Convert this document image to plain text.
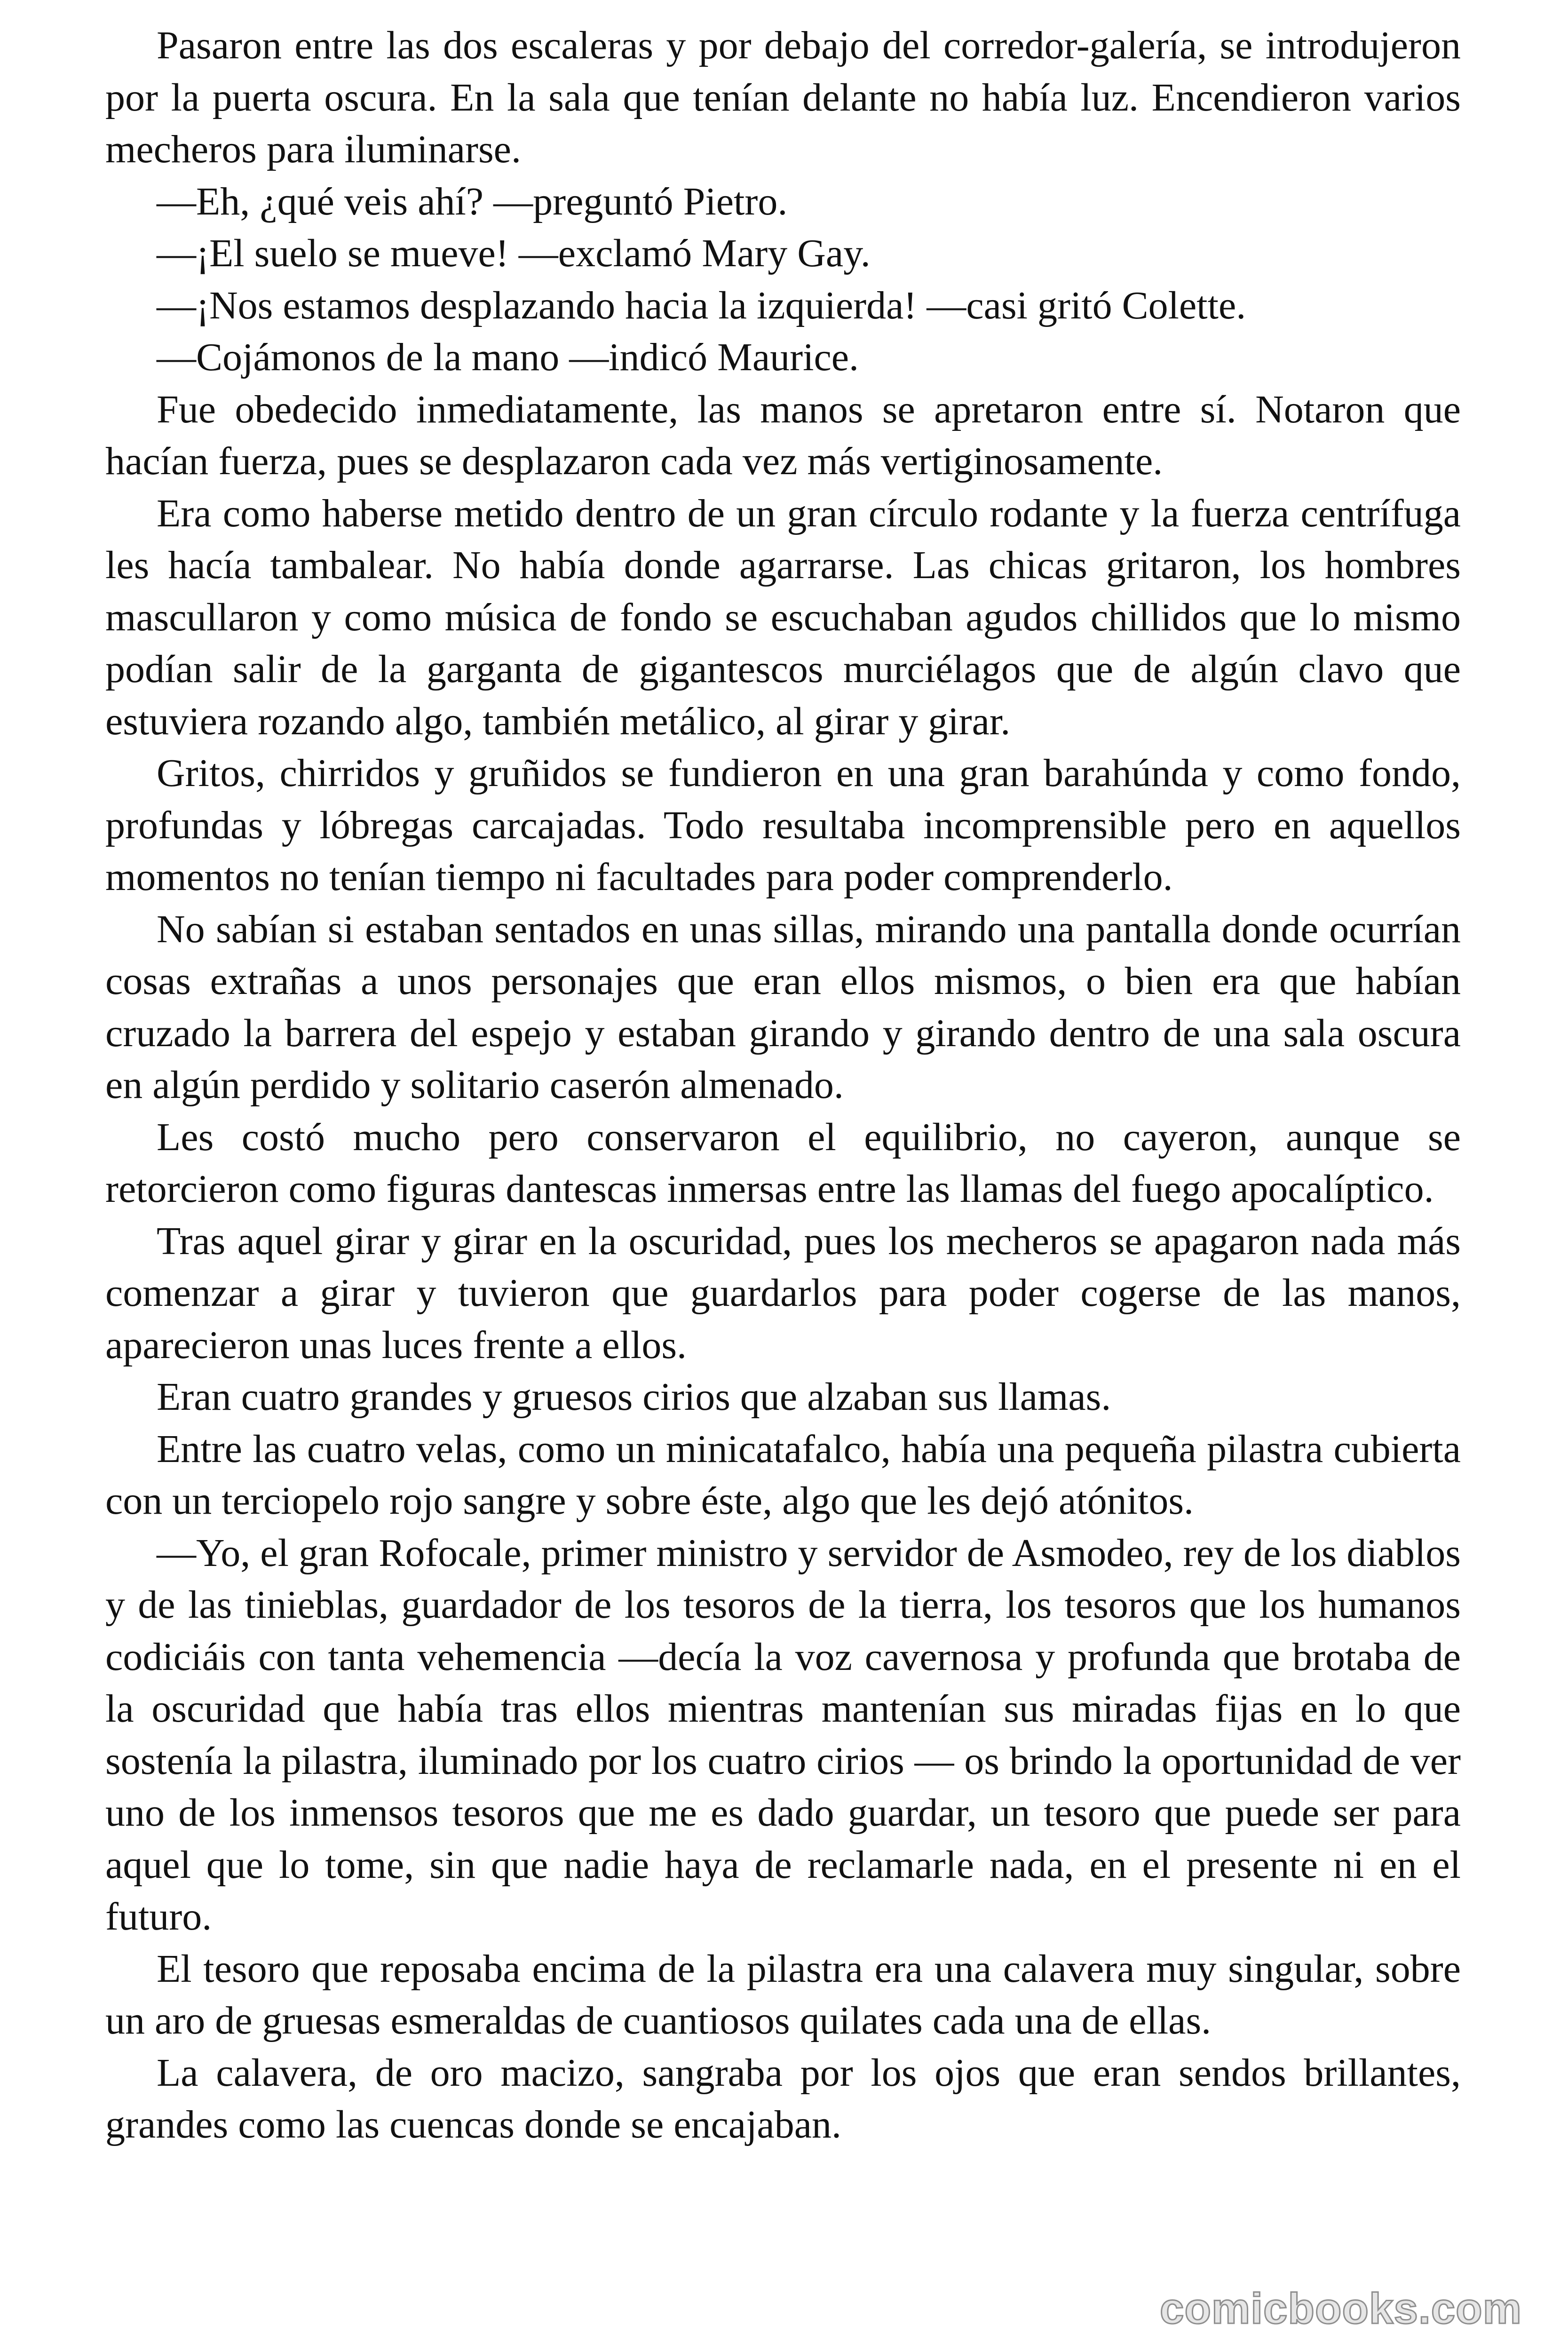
Pasaron entre las dos escaleras y por debajo del corredor-galería, se introdujeron por la puerta oscura. En la sala que tenían delante no había luz. Encendieron varios mecheros para iluminarse.

—Eh, ¿qué veis ahí? —preguntó Pietro.

—¡El suelo se mueve! —exclamó Mary Gay.

—¡Nos estamos desplazando hacia la izquierda! —casi gritó Colette.

—Cojámonos de la mano —indicó Maurice.

Fue obedecido inmediatamente, las manos se apretaron entre sí. Notaron que hacían fuerza, pues se desplazaron cada vez más vertiginosamente.

Era como haberse metido dentro de un gran círculo rodante y la fuerza centrífuga les hacía tambalear. No había donde agarrarse. Las chicas gritaron, los hombres mascullaron y como música de fondo se escuchaban agudos chillidos que lo mismo podían salir de la garganta de gigantescos murciélagos que de algún clavo que estuviera rozando algo, también metálico, al girar y girar.

Gritos, chirridos y gruñidos se fundieron en una gran barahúnda y como fondo, profundas y lóbregas carcajadas. Todo resultaba incomprensible pero en aquellos momentos no tenían tiempo ni facultades para poder comprenderlo.

No sabían si estaban sentados en unas sillas, mirando una pantalla donde ocurrían cosas extrañas a unos personajes que eran ellos mismos, o bien era que habían cruzado la barrera del espejo y estaban girando y girando dentro de una sala oscura en algún perdido y solitario caserón almenado.

Les costó mucho pero conservaron el equilibrio, no cayeron, aunque se retorcieron como figuras dantescas inmersas entre las llamas del fuego apocalíptico.

Tras aquel girar y girar en la oscuridad, pues los mecheros se apagaron nada más comenzar a girar y tuvieron que guardarlos para poder cogerse de las manos, aparecieron unas luces frente a ellos.

Eran cuatro grandes y gruesos cirios que alzaban sus llamas.

Entre las cuatro velas, como un minicatafalco, había una pequeña pilastra cubierta con un terciopelo rojo sangre y sobre éste, algo que les dejó atónitos.

—Yo, el gran Rofocale, primer ministro y servidor de Asmodeo, rey de los diablos y de las tinieblas, guardador de los tesoros de la tierra, los tesoros que los humanos codiciáis con tanta vehemencia —decía la voz cavernosa y profunda que brotaba de la oscuridad que había tras ellos mientras mantenían sus miradas fijas en lo que sostenía la pilastra, iluminado por los cuatro cirios — os brindo la oportunidad de ver uno de los inmensos tesoros que me es dado guardar, un tesoro que puede ser para aquel que lo tome, sin que nadie haya de reclamarle nada, en el presente ni en el futuro.

El tesoro que reposaba encima de la pilastra era una calavera muy singular, sobre un aro de gruesas esmeraldas de cuantiosos quilates cada una de ellas.

La calavera, de oro macizo, sangraba por los ojos que eran sendos brillantes, grandes como las cuencas donde se encajaban.

comicbooks.com
